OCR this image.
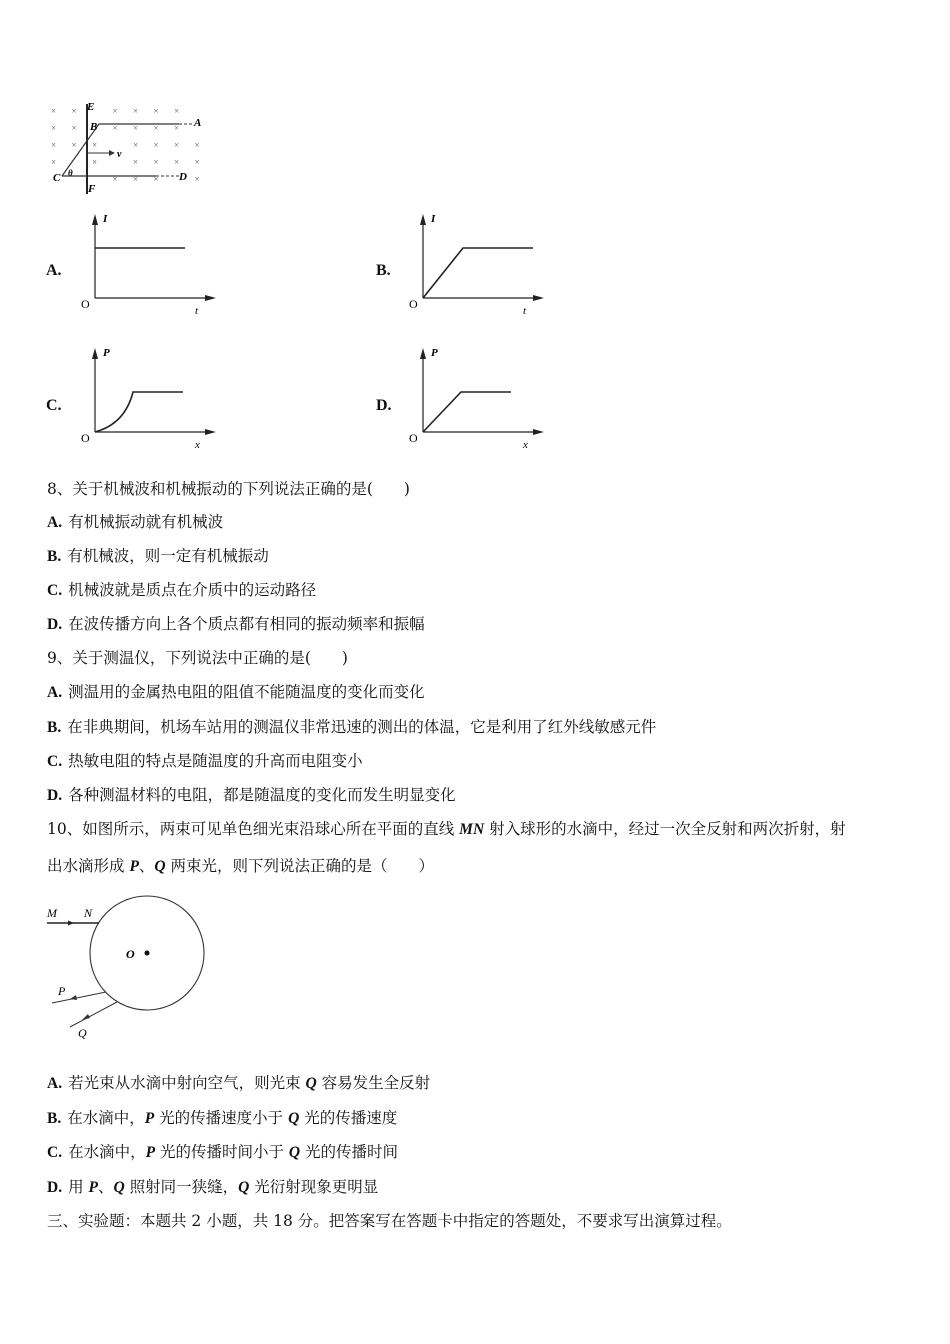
× ×	× × × ×
× ×	× × × ×
× × ×	× × × ×
×	×	× × × ×
× × ×	×
E
B	A
C θ
F
D
v
A.
I
t
O
B.
I
t
O
C.
P
x
O
D.
P
x
O
8、关于机械波和机械振动的下列说法正确的是(　　)
A. 有机械振动就有机械波
B. 有机械波，则一定有机械振动
C. 机械波就是质点在介质中的运动路径
D. 在波传播方向上各个质点都有相同的振动频率和振幅
9、关于测温仪，下列说法中正确的是(　　)
A. 测温用的金属热电阻的阻值不能随温度的变化而变化
B. 在非典期间，机场车站用的测温仪非常迅速的测出的体温，它是利用了红外线敏感元件
C. 热敏电阻的特点是随温度的升高而电阻变小
D. 各种测温材料的电阻，都是随温度的变化而发生明显变化
10、如图所示，两束可见单色细光束沿球心所在平面的直线 MN 射入球形的水滴中，经过一次全反射和两次折射，射
出水滴形成 P、Q 两束光，则下列说法正确的是（　　）
A. 若光束从水滴中射向空气，则光束 Q 容易发生全反射
B. 在水滴中，P 光的传播速度小于 Q 光的传播速度
C. 在水滴中，P 光的传播时间小于 Q 光的传播时间
D. 用 P、Q 照射同一狭缝，Q 光衍射现象更明显
三、实验题：本题共 2 小题，共 18 分。把答案写在答题卡中指定的答题处，不要求写出演算过程。
M N
O
P
Q
